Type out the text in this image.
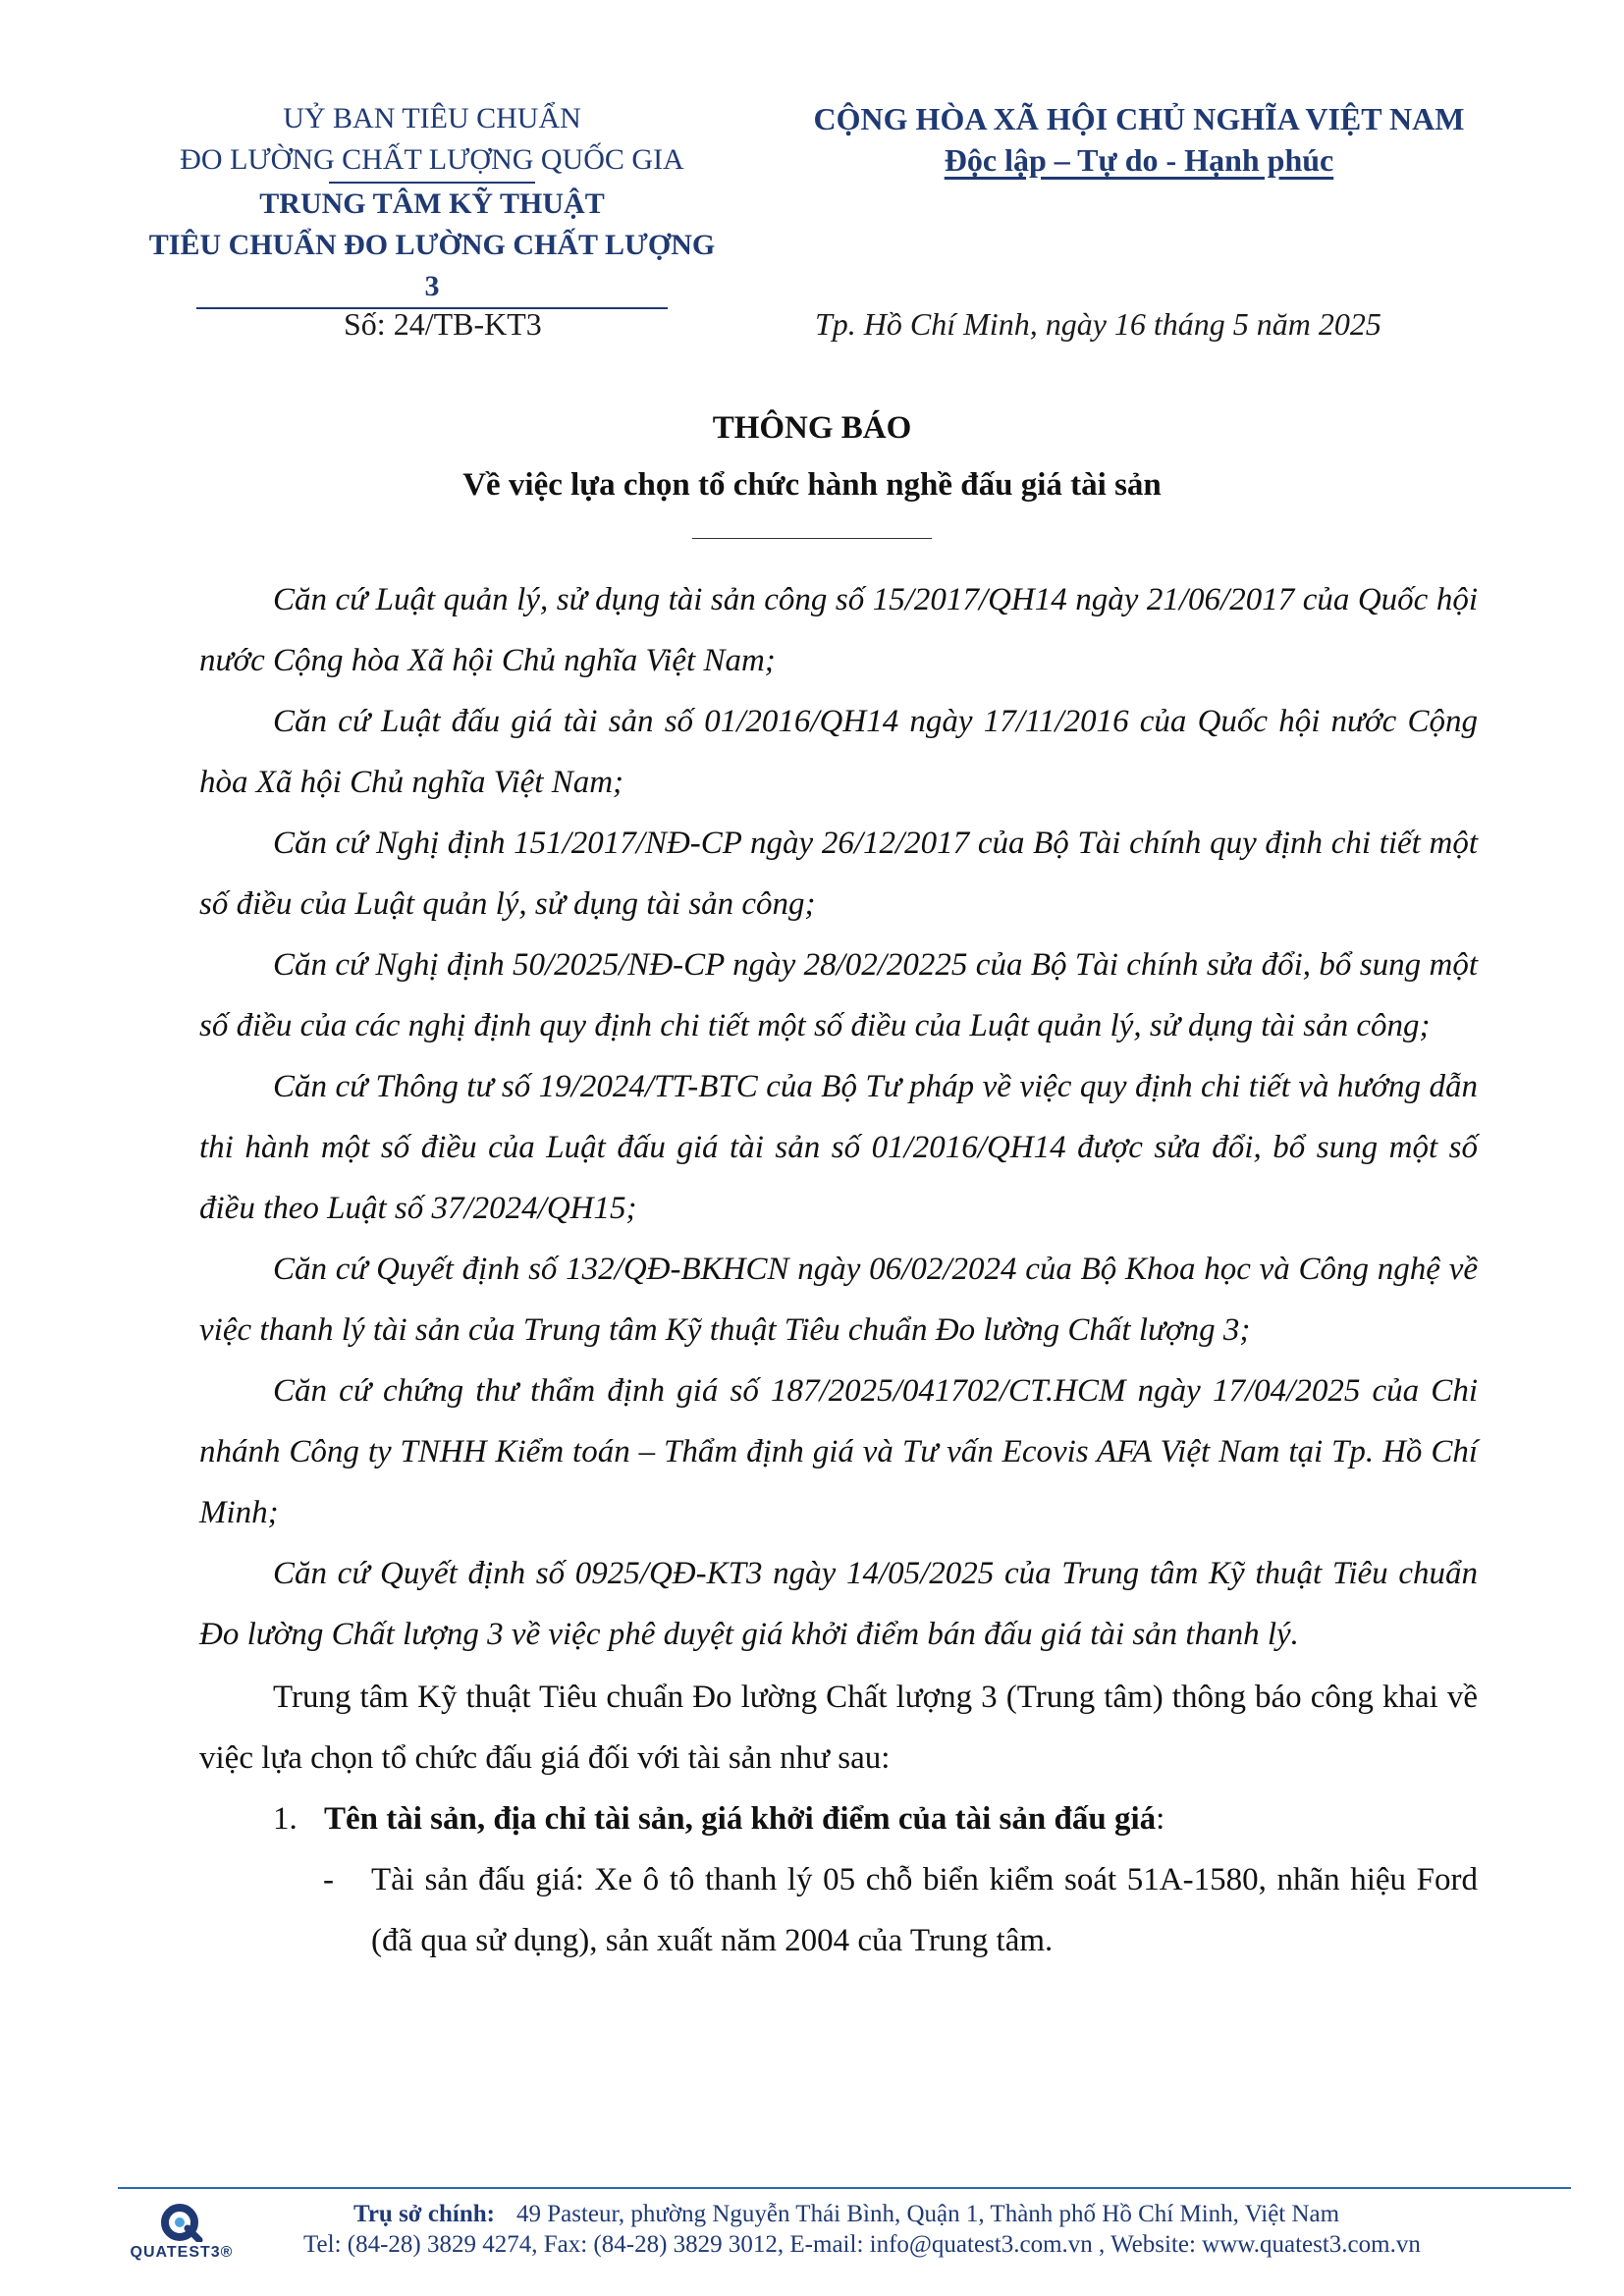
UỶ BAN TIÊU CHUẨN
ĐO LƯỜNG CHẤT LƯỢNG QUỐC GIA
TRUNG TÂM KỸ THUẬT
TIÊU CHUẨN ĐO LƯỜNG CHẤT LƯỢNG 3
CỘNG HÒA XÃ HỘI CHỦ NGHĨA VIỆT NAM
Độc lập – Tự do - Hạnh phúc
Số: 24/TB-KT3	Tp. Hồ Chí Minh, ngày 16 tháng 5 năm 2025
THÔNG BÁO
Về việc lựa chọn tổ chức hành nghề đấu giá tài sản

Căn cứ Luật quản lý, sử dụng tài sản công số 15/2017/QH14 ngày 21/06/2017 của Quốc hội nước Cộng hòa Xã hội Chủ nghĩa Việt Nam;

Căn cứ Luật đấu giá tài sản số 01/2016/QH14 ngày 17/11/2016 của Quốc hội nước Cộng hòa Xã hội Chủ nghĩa Việt Nam;

Căn cứ Nghị định 151/2017/NĐ-CP ngày 26/12/2017 của Bộ Tài chính quy định chi tiết một số điều của Luật quản lý, sử dụng tài sản công;

Căn cứ Nghị định 50/2025/NĐ-CP ngày 28/02/20225 của Bộ Tài chính sửa đổi, bổ sung một số điều của các nghị định quy định chi tiết một số điều của Luật quản lý, sử dụng tài sản công;

Căn cứ Thông tư số 19/2024/TT-BTC của Bộ Tư pháp về việc quy định chi tiết và hướng dẫn thi hành một số điều của Luật đấu giá tài sản số 01/2016/QH14 được sửa đổi, bổ sung một số điều theo Luật số 37/2024/QH15;

Căn cứ Quyết định số 132/QĐ-BKHCN ngày 06/02/2024 của Bộ Khoa học và Công nghệ về việc thanh lý tài sản của Trung tâm Kỹ thuật Tiêu chuẩn Đo lường Chất lượng 3;

Căn cứ chứng thư thẩm định giá số 187/2025/041702/CT.HCM ngày 17/04/2025 của Chi nhánh Công ty TNHH Kiểm toán – Thẩm định giá và Tư vấn Ecovis AFA Việt Nam tại Tp. Hồ Chí Minh;

Căn cứ Quyết định số 0925/QĐ-KT3 ngày 14/05/2025 của Trung tâm Kỹ thuật Tiêu chuẩn Đo lường Chất lượng 3 về việc phê duyệt giá khởi điểm bán đấu giá tài sản thanh lý.

Trung tâm Kỹ thuật Tiêu chuẩn Đo lường Chất lượng 3 (Trung tâm) thông báo công khai về việc lựa chọn tổ chức đấu giá đối với tài sản như sau:

1. Tên tài sản, địa chỉ tài sản, giá khởi điểm của tài sản đấu giá:
- Tài sản đấu giá: Xe ô tô thanh lý 05 chỗ biển kiểm soát 51A-1580, nhãn hiệu Ford (đã qua sử dụng), sản xuất năm 2004 của Trung tâm.
QUATEST3®
Trụ sở chính: 49 Pasteur, phường Nguyễn Thái Bình, Quận 1, Thành phố Hồ Chí Minh, Việt Nam
Tel: (84-28) 3829 4274, Fax: (84-28) 3829 3012, E-mail: info@quatest3.com.vn , Website: www.quatest3.com.vn
